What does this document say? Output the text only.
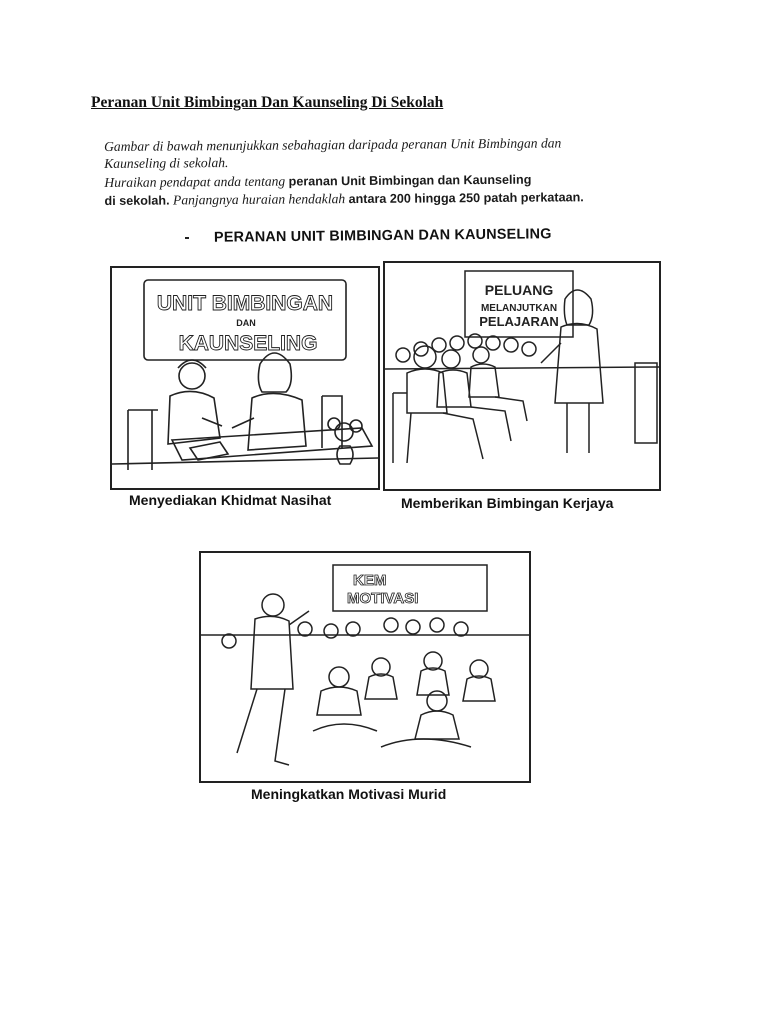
Peranan Unit Bimbingan Dan Kaunseling Di Sekolah
Gambar di bawah menunjukkan sebahagian daripada peranan Unit Bimbingan dan
Kaunseling di sekolah.
Huraikan pendapat anda tentang peranan Unit Bimbingan dan Kaunseling
di sekolah. Panjangnya huraian hendaklah antara 200 hingga 250 patah perkataan.
PERANAN UNIT BIMBINGAN DAN KAUNSELING
UNIT BIMBINGAN
DAN
KAUNSELING
Menyediakan Khidmat Nasihat
PELUANG
MELANJUTKAN
PELAJARAN
Memberikan Bimbingan Kerjaya
KEM
MOTIVASI
Meningkatkan Motivasi Murid
